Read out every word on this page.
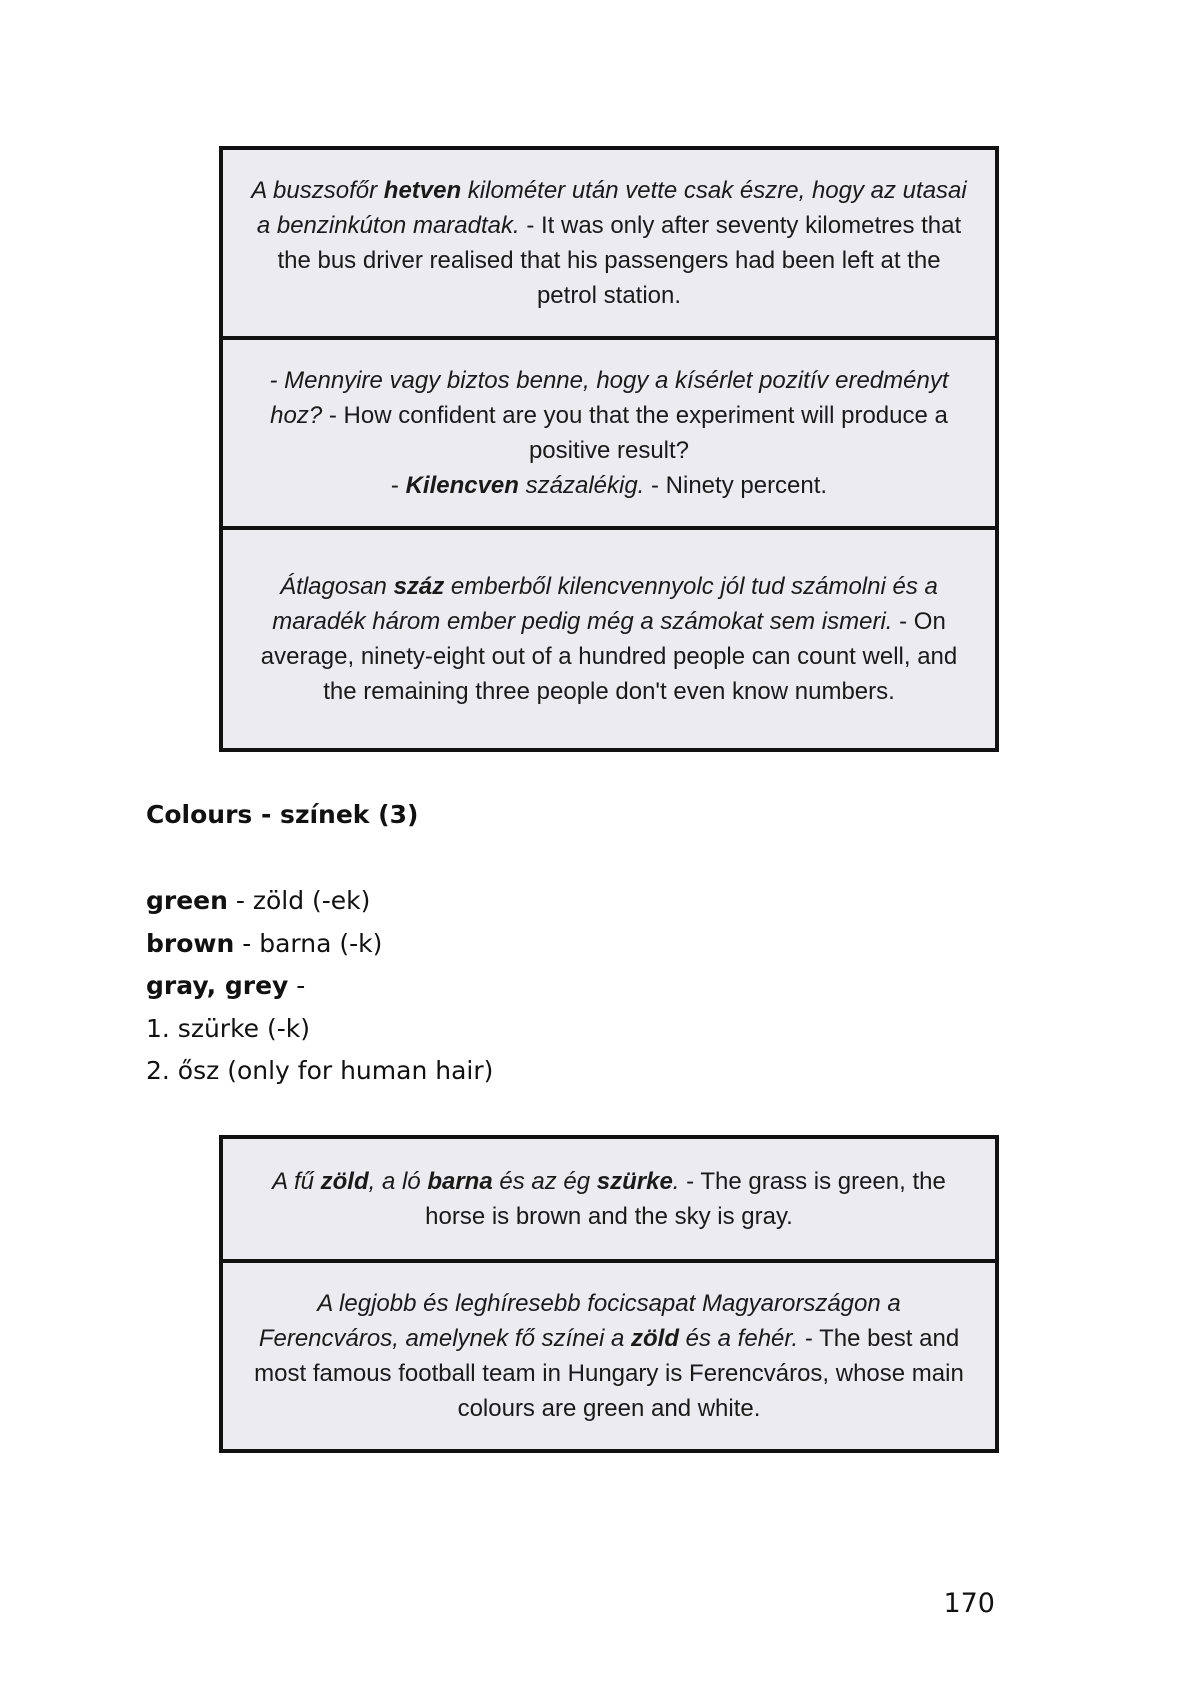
A buszsofőr hetven kilométer után vette csak észre, hogy az utasai a benzinkúton maradtak. - It was only after seventy kilometres that the bus driver realised that his passengers had been left at the petrol station.

- Mennyire vagy biztos benne, hogy a kísérlet pozitív eredményt hoz? - How confident are you that the experiment will produce a positive result?
- Kilencven százalékig. - Ninety percent.

Átlagosan száz emberből kilencvennyolc jól tud számolni és a maradék három ember pedig még a számokat sem ismeri. - On average, ninety-eight out of a hundred people can count well, and the remaining three people don't even know numbers.

Colours - színek (3)
green - zöld (-ek)
brown - barna (-k)
gray, grey -
1. szürke (-k)
2. ősz (only for human hair)

A fű zöld, a ló barna és az ég szürke. - The grass is green, the horse is brown and the sky is gray.

A legjobb és leghíresebb focicsapat Magyarországon a Ferencváros, amelynek fő színei a zöld és a fehér. - The best and most famous football team in Hungary is Ferencváros, whose main colours are green and white.

170
